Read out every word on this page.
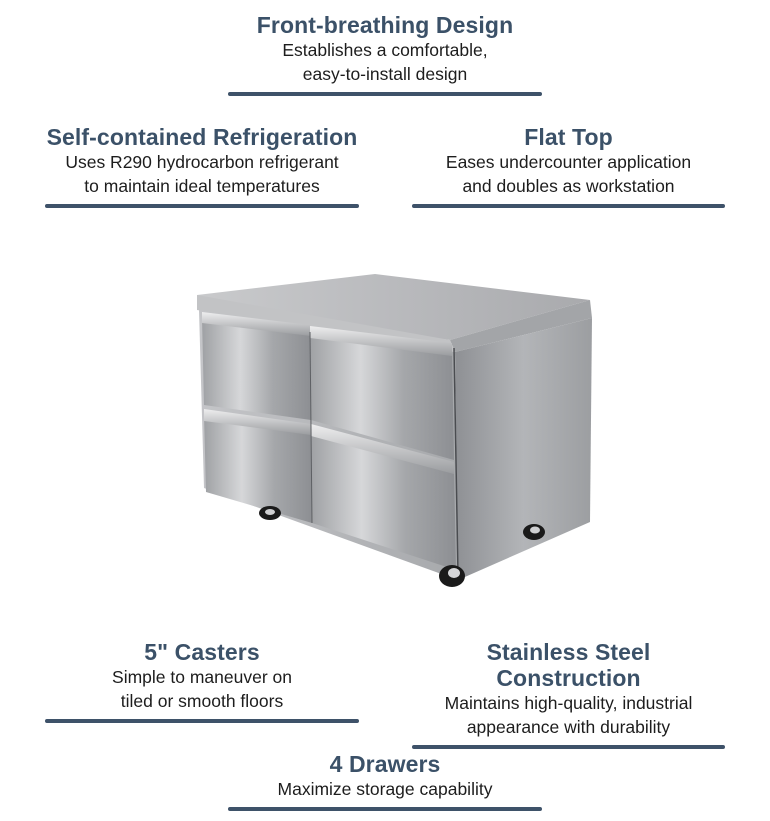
Front-breathing Design
Establishes a comfortable,
easy-to-install design
Self-contained Refrigeration
Uses R290 hydrocarbon refrigerant
to maintain ideal temperatures
Flat Top
Eases undercounter application
and doubles as workstation
5" Casters
Simple to maneuver on
tiled or smooth floors
Stainless Steel Construction
Maintains high-quality, industrial
appearance with durability
4 Drawers
Maximize storage capability
